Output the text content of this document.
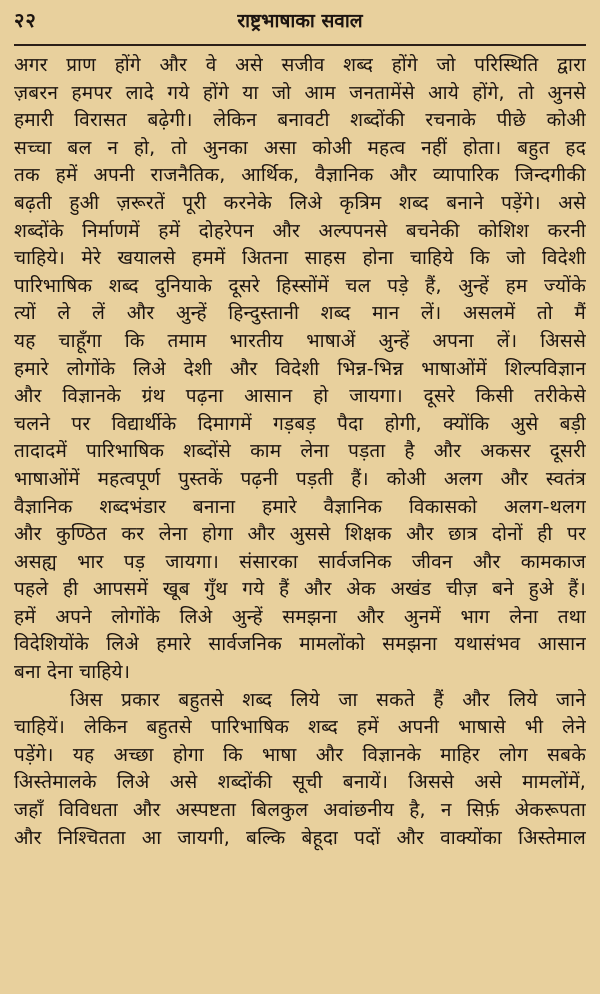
२२	राष्ट्रभाषाका सवाल
अगर प्राण होंगे और वे असे सजीव शब्द होंगे जो परिस्थिति द्वारा
ज़बरन हमपर लादे गये होंगे या जो आम जनतामेंसे आये होंगे, तो अुनसे
हमारी विरासत बढ़ेगी। लेकिन बनावटी शब्दोंकी रचनाके पीछे कोअी
सच्चा बल न हो, तो अुनका असा कोअी महत्व नहीं होता। बहुत हद
तक हमें अपनी राजनैतिक, आर्थिक, वैज्ञानिक और व्यापारिक जिन्दगीकी
बढ़ती हुअी ज़रूरतें पूरी करनेके लिअे कृत्रिम शब्द बनाने पड़ेंगे। असे
शब्दोंके निर्माणमें हमें दोहरेपन और अल्पपनसे बचनेकी कोशिश करनी
चाहिये। मेरे खयालसे हममें अितना साहस होना चाहिये कि जो विदेशी
पारिभाषिक शब्द दुनियाके दूसरे हिस्सोंमें चल पड़े हैं, अुन्हें हम ज्योंके
त्यों ले लें और अुन्हें हिन्दुस्तानी शब्द मान लें। असलमें तो मैं
यह चाहूँगा कि तमाम भारतीय भाषाअें अुन्हें अपना लें। अिससे
हमारे लोगोंके लिअे देशी और विदेशी भिन्न-भिन्न भाषाओंमें शिल्पविज्ञान
और विज्ञानके ग्रंथ पढ़ना आसान हो जायगा। दूसरे किसी तरीकेसे
चलने पर विद्यार्थीके दिमागमें गड़बड़ पैदा होगी, क्योंकि अुसे बड़ी
तादादमें पारिभाषिक शब्दोंसे काम लेना पड़ता है और अकसर दूसरी
भाषाओंमें महत्वपूर्ण पुस्तकें पढ़नी पड़ती हैं। कोअी अलग और स्वतंत्र
वैज्ञानिक शब्दभंडार बनाना हमारे वैज्ञानिक विकासको अलग-थलग
और कुण्ठित कर लेना होगा और अुससे शिक्षक और छात्र दोनों ही पर
असह्य भार पड़ जायगा। संसारका सार्वजनिक जीवन और कामकाज
पहले ही आपसमें खूब गुँथ गये हैं और अेक अखंड चीज़ बने हुअे हैं।
हमें अपने लोगोंके लिअे अुन्हें समझना और अुनमें भाग लेना तथा
विदेशियोंके लिअे हमारे सार्वजनिक मामलोंको समझना यथासंभव आसान
बना देना चाहिये।
अिस प्रकार बहुतसे शब्द लिये जा सकते हैं और लिये जाने
चाहियें। लेकिन बहुतसे पारिभाषिक शब्द हमें अपनी भाषासे भी लेने
पड़ेंगे। यह अच्छा होगा कि भाषा और विज्ञानके माहिर लोग सबके
अिस्तेमालके लिअे असे शब्दोंकी सूची बनायें। अिससे असे मामलोंमें,
जहाँ विविधता और अस्पष्टता बिलकुल अवांछनीय है, न सिर्फ़ अेकरूपता
और निश्चितता आ जायगी, बल्कि बेहूदा पदों और वाक्योंका अिस्तेमाल
